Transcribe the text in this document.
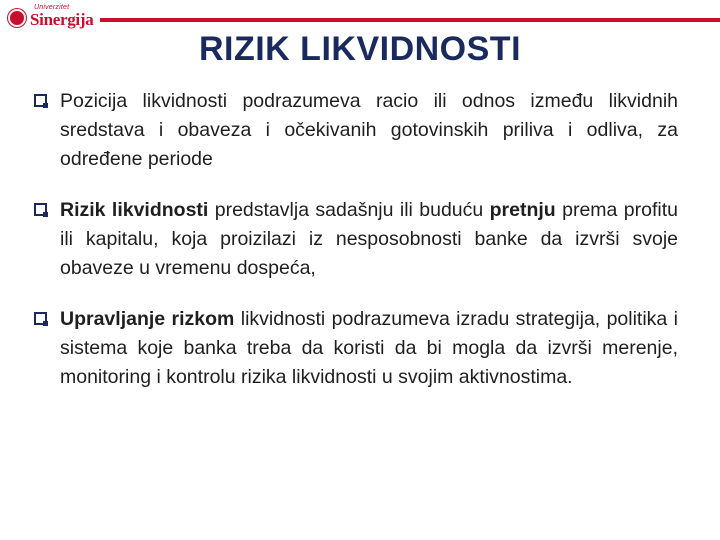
Univerzitet
Sinergija
RIZIK LIKVIDNOSTI
Pozicija likvidnosti podrazumeva racio ili odnos između likvidnih sredstava i obaveza i očekivanih gotovinskih priliva i odliva, za određene periode
Rizik likvidnosti predstavlja sadašnju ili buduću pretnju prema profitu ili kapitalu, koja proizilazi iz nesposobnosti banke da izvrši svoje obaveze u vremenu dospeća,
Upravljanje rizkom likvidnosti podrazumeva izradu strategija, politika i sistema koje banka treba da koristi da bi mogla da izvrši merenje, monitoring i kontrolu rizika likvidnosti u svojim aktivnostima.
